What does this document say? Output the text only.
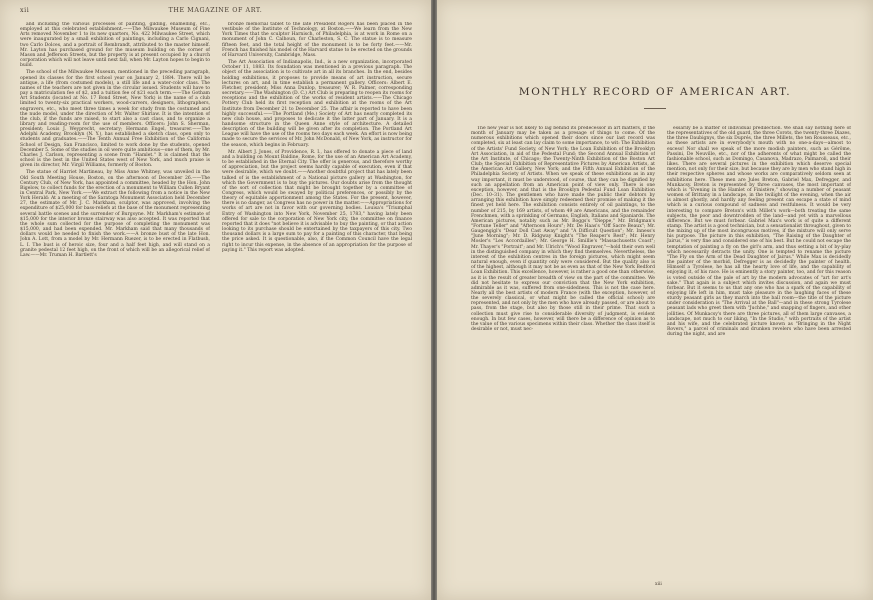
xii	THE MAGAZINE OF ART.

and including the various processes of painting, gilding, enamelling, etc., employed at this celebrated establishment.——The Milwaukee Museum of Fine Arts removed November 1 to its new quarters, No. 422 Milwaukee Street, which were inaugurated by a small exhibition of paintings, including a Carlo Cignani, two Carlo Dolces, and a portrait of Rembrandt, attributed to the master himself. Mr. Layton has purchased ground for the museum building on the corner of Mason and Jefferson Streets, but the property is at present occupied by a church corporation which will not leave until next fall, when Mr. Layton hopes to begin to build.

The school of the Milwaukee Museum, mentioned in the preceding paragraph, opened its classes for the first school year on January 2, 1884. There will be antique, a life (from costumed models), a still life and a water-color class. The names of the teachers are not given in the circular issued. Students will have to pay a matriculation fee of $2, and a tuition fee of $21 each term.——The Gotham Art Students (located at No. 17 Bond Street, New York) is the name of a club limited to twenty-six practical workers, wood-carvers, designers, lithographers, engravers, etc., who meet three times a week for study from the costumed and the nude model, under the direction of Mr. Walter Shirlaw. It is the intention of the club, if the funds are raised, to start also a cast class, and to organize a library and reading-room for the use of members. Officers: John S. Sherman, president; Louis J. Weyprecht, secretary; Hermann Engel, treasurer.——The Adelphi Academy, Brooklyn (N. Y.), has established a sketch class, open only to students and graduates.——The Tenth Annual Free Exhibition of the California School of Design, San Francisco, limited to work done by the students, opened December 5. Some of the studies in oil were quite ambitious—one of them, by Mr. Charles J. Carlson, representing a scene from "Hamlet." It is claimed that the school is the best in the United States west of New York, and much praise is given its director, Mr. Virgil Williams, formerly of Boston.

The statue of Harriet Martineau, by Miss Anne Whitney, was unveiled in the Old South Meeting House, Boston, on the afternoon of December 26.——The Century Club, of New York, has appointed a committee, headed by the Hon. John Bigelow, to collect funds for the erection of a monument to William Cullen Bryant in Central Park, New York.——We extract the following from a notice in the New York Herald: At a meeting of the Saratoga Monument Association held December 27, the estimate of Mr. J. C. Markham, sculptor, was approved, involving the expenditure of $25,000 for bass-reliefs at the base of the monument representing several battle scenes and the surrender of Burgoyne. Mr. Markham's estimate of $15,000 for the interior bronze stairway was also accepted. It was reported that the whole sum collected for the purpose of completing the monument was $15,000, and had been expended. Mr. Markham said that many thousands of dollars would be needed to finish the work.——A bronze bust of the late Hon. John A. Lott, from a model by Mr. Hermann Ruezer, is to be erected in Flatbush, L. I. The bust is of heroic size, four and a half feet high, and will stand on a granite pedestal 12 feet high, on the front of which will be an allegorical relief of Law.——Mr. Truman H. Bartlett's

bronze memorial tablet to the late President Rogers has been placed in the vestibule of the Institute of Technology, at Boston.——We learn from the New York Times that the sculptor Harnisch, of Philadelphia, is at work in Rome on a monument of John C. Calhoun, for Charleston, S. C. The statue is to measure fifteen feet, and the total height of the monument is to be forty feet.——Mr. French has finished his model of the Harvard statue to be erected on the grounds of Harvard University, Cambridge, Mass.

The Art Association of Indianapolis, Ind., is a new organization, incorporated October 11, 1883. Its foundation was mentioned in a previous paragraph. The object of the association is to cultivate art in all its branches. In the end, besides holding exhibitions, it proposes to provide means of art instruction, secure lectures on art, and in time establish a permanent gallery. Officers: Albert E. Fletcher, president; Miss Anna Dunlop, treasurer; W. R. Palmer, corresponding secretary.——The Washington (D. C.) Art Club is preparing to reopen its rooms for receptions and the exhibition of the works of resident artists.——The Chicago Pottery Club held its first reception and exhibition at the rooms of the Art Institute from December 21 to December 25. The affair is reported to have been highly successful.——The Portland (Me.) Society of Art has nearly completed its new club house, and proposes to dedicate it the latter part of January. It is a handsome structure in the Queen Anne style of architecture. A detailed description of the building will be given after its completion. The Portland Art League will have the use of the rooms two days each week. An effort is now being made to secure the services of Mr. John McDonald, of New York, as instructor for the season, which begins in February.

Mr. Albert J. Jones, of Providence, R. I., has offered to donate a piece of land and a building on Mount Baldine, Rome, for the use of an American Art Academy, to be established in the Eternal City. The offer is generous, and therefore worthy of appreciation, but the project seems hardly capable of execution, even if that were desirable, which we doubt.——Another doubtful project that has lately been talked of is the establishment of a National picture gallery at Washington, for which the Government is to buy the pictures. Our doubts arise from the thought of the sort of collection that might be brought together by a committee of Congress, which would be swayed by political preferences, or possibly by the theory of equitable apportionment among the States. For the present, however, there is no danger, as Congress has no power in the matter.——Appropriations for works of art are not in favor with our governing bodies. Louisa's "Triumphal Entry of Washington into New York, November 25, 1783," having lately been offered for sale to the corporation of New York city, the committee on finance reported that it does "not believe it is advisable to buy the painting, or that action looking to its purchase should be entertained by the taxpayers of this city. Two thousand dollars is a large sum to pay for a painting of this character, that being the price asked. It is questionable, also, if the Common Council have the legal right to incur this expense, in the absence of an appropriation for the purpose of paying it." This report was adopted.

MONTHLY RECORD OF AMERICAN ART.

The new year is not likely to lag behind its predecessor in art matters, if the month of January may be taken as a presage of things to come. Of the numerous exhibitions which opened their doors since our last record was completed, six at least can lay claim to some importance, to wit: The Exhibition of the Artists' Fund Society, of New York; the Loan Exhibition of the Brooklyn Art Association, in aid of the Pedestal Fund; the Second Annual Exhibition of the Art Institute, of Chicago; the Twenty-Ninth Exhibition of the Boston Art Club; the Special Exhibition of Representative Pictures by American Artists, at the American Art Gallery, New York; and the Fifth Annual Exhibition of the Philadelphia Society of Artists. When we speak of these exhibitions as in any way important, it must be understood, of course, that they can be dignified by such an appellation from an American point of view only. There is one exception, however, and that is the Brooklyn Pedestal Fund Loan Exhibition (Dec. 10–31). The gentlemen who have made the public their debtors by arranging this exhibition have simply redeemed their promise of making it the finest yet held here. The exhibition consists entirely of oil paintings, to the number of 215, by 169 artists, of whom 49 are Americans, and the remainder Frenchmen, with a sprinkling of Germans, English, Italians and Spaniards. The American pictures, notably such as Mr. Boggs's "Dieppe," Mr. Bridgman's "Fortune Teller" and "Afternoon Hours"; Mr. De Haas's "Off Sacre Beaux"; Mr. Gaugengigl's "Dear Doll Cast Away" and "A Difficult Question"; Mr. Inness's "June Morning"; Mr. D. Ridgway Knight's "The Reaper's Rest"; Mr. Henry Mosler's "Les Accordailles"; Mr. George H. Smillie's "Massachusetts Coast"; Mr. Thayer's "Portrait"; and Mr. Ulrich's "Wood Engraver,"—hold their own well in the distinguished company in which they find themselves. Nevertheless, the interest of the exhibition centres in the foreign pictures, which might seem natural enough, even if quantity only were considered. But the quality also is of the highest, although it may not be as even as that of the New York Bedford Loan Exhibition. This excellence, however, is rather a good one than otherwise, as it is the result of greater breadth of view on the part of the committee. We did not hesitate to express our conviction that the New York exhibition, admirable as it was, suffered from one-sidedness. This is not the case here. Nearly all the best artists of modern France (with the exception, however, of the severely classical, or what might be called the official school) are represented, and not only by the men who have already passed, or are about to pass, from the stage, but also by those still in their prime. That such a collection must give rise to considerable diversity of judgment, is evident enough. In but few cases, however, will there be a difference of opinion as to the value of the various specimens within their class. Whether the class itself is desirable or not, must nec-

essarily be a matter of individual predilection. We shall say nothing here of the representatives of the old guard, the three Corots, the twenty-three Diazes, the three Daubignys, the six Duprés, the three Millets, the ten Rousseaus, etc., as these artists are in everybody's mouth with no one-a-days—almost to excess! Nor shall we speak of the more modish painters, such as Gérôme, Passini, De Neuville, etc., nor of the adherents of what might be called the fashionable school, such as Domingo, Casanova, Madrazo, Palmaroli, and their likes. There are several pictures in the exhibition which deserve special mention, not only for their size, but because they are by men who stand high in their respective spheres and whose works are comparatively seldom seen at exhibitions here. These men are Jules Breton, Gabriel Max, Defregger, and Munkacsy. Breton is represented by three canvases, the most important of which is "Evening in the Hamlet of Finistère," showing a number of peasant women of Brittany in a landscape, in the twilight of the evening, when the air is almost ghostly, and hardly any feeling present can escape a state of mind which is a curious compound of sadness and restfulness. It would be very interesting to compare Breton's with Millet's work—both treating the same subjects, the poor and downtrodden of the land—and yet with a marvellous difference. But we must forbear. Gabriel Max's work is of quite a different stamp. The artist is a good technician, but a sensationalist throughout, given to the mixing up of the most incongruous motives, if the mixture will only serve his purpose. The picture in this exhibition, "The Raising of the Daughter of Jairus," is very fine and considered one of his best. But he could not escape the temptation of painting a fly on the girl's arm, and thus setting a bit of by-play which necessarily detracts the unity. One is tempted to rename the picture "The Fly on the Arm of the Dead Daughter of Jairus." While Max is decidedly the painter of the morbid, Defregger is as decidedly the painter of health. Himself a Tyrolese, he has all the hearty love of life, and the capability of enjoying it, of his race. He is eminently a story painter, too, and for this reason is voted outside of the pale of art by the modern advocates of "art for art's sake." That again is a subject which invites discussion, and again we must forbear. But it seems to us that any one who has a spark of the capability of enjoying life left in him, must take pleasure in the laughing faces of these sturdy peasant girls as they march into the ball room—the title of the picture under consideration is "The Arrival at the Ball"—and in these strong Tyrolese peasant lads who greet them with "Juchhe," and snapping of fingers, and other jollities. Of Munkacsy's there are three pictures, all of them large canvases, a landscape, not much to our liking, "In the Studio," with portraits of the artist and his wife, and the celebrated picture known as "Bringing in the Night Rovers," a parcel of criminals and drunken revelers who have been arrested during the night, and are

xiii
